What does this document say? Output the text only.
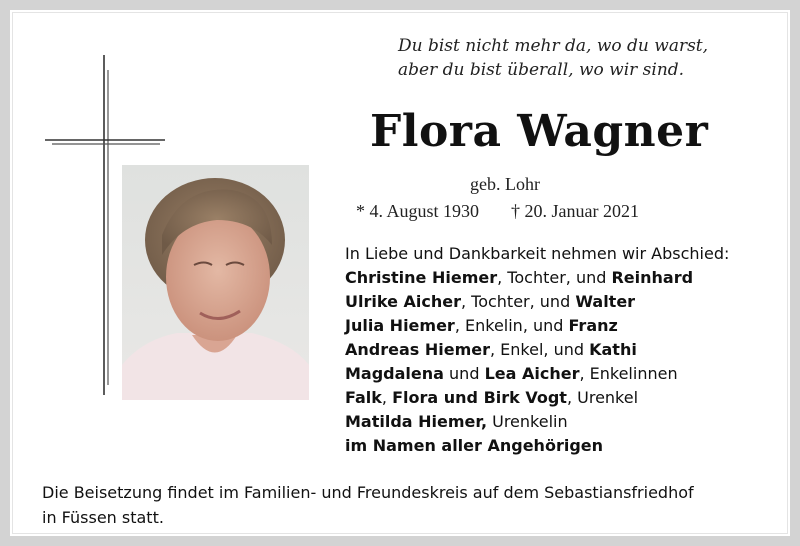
Du bist nicht mehr da, wo du warst,
aber du bist überall, wo wir sind.
Flora Wagner
geb. Lohr
* 4. August 1930 † 20. Januar 2021
In Liebe und Dankbarkeit nehmen wir Abschied:
Christine Hiemer, Tochter, und Reinhard
Ulrike Aicher, Tochter, und Walter
Julia Hiemer, Enkelin, und Franz
Andreas Hiemer, Enkel, und Kathi
Magdalena und Lea Aicher, Enkelinnen
Falk, Flora und Birk Vogt, Urenkel
Matilda Hiemer, Urenkelin
im Namen aller Angehörigen
Die Beisetzung findet im Familien- und Freundeskreis auf dem Sebastiansfriedhof
in Füssen statt.
